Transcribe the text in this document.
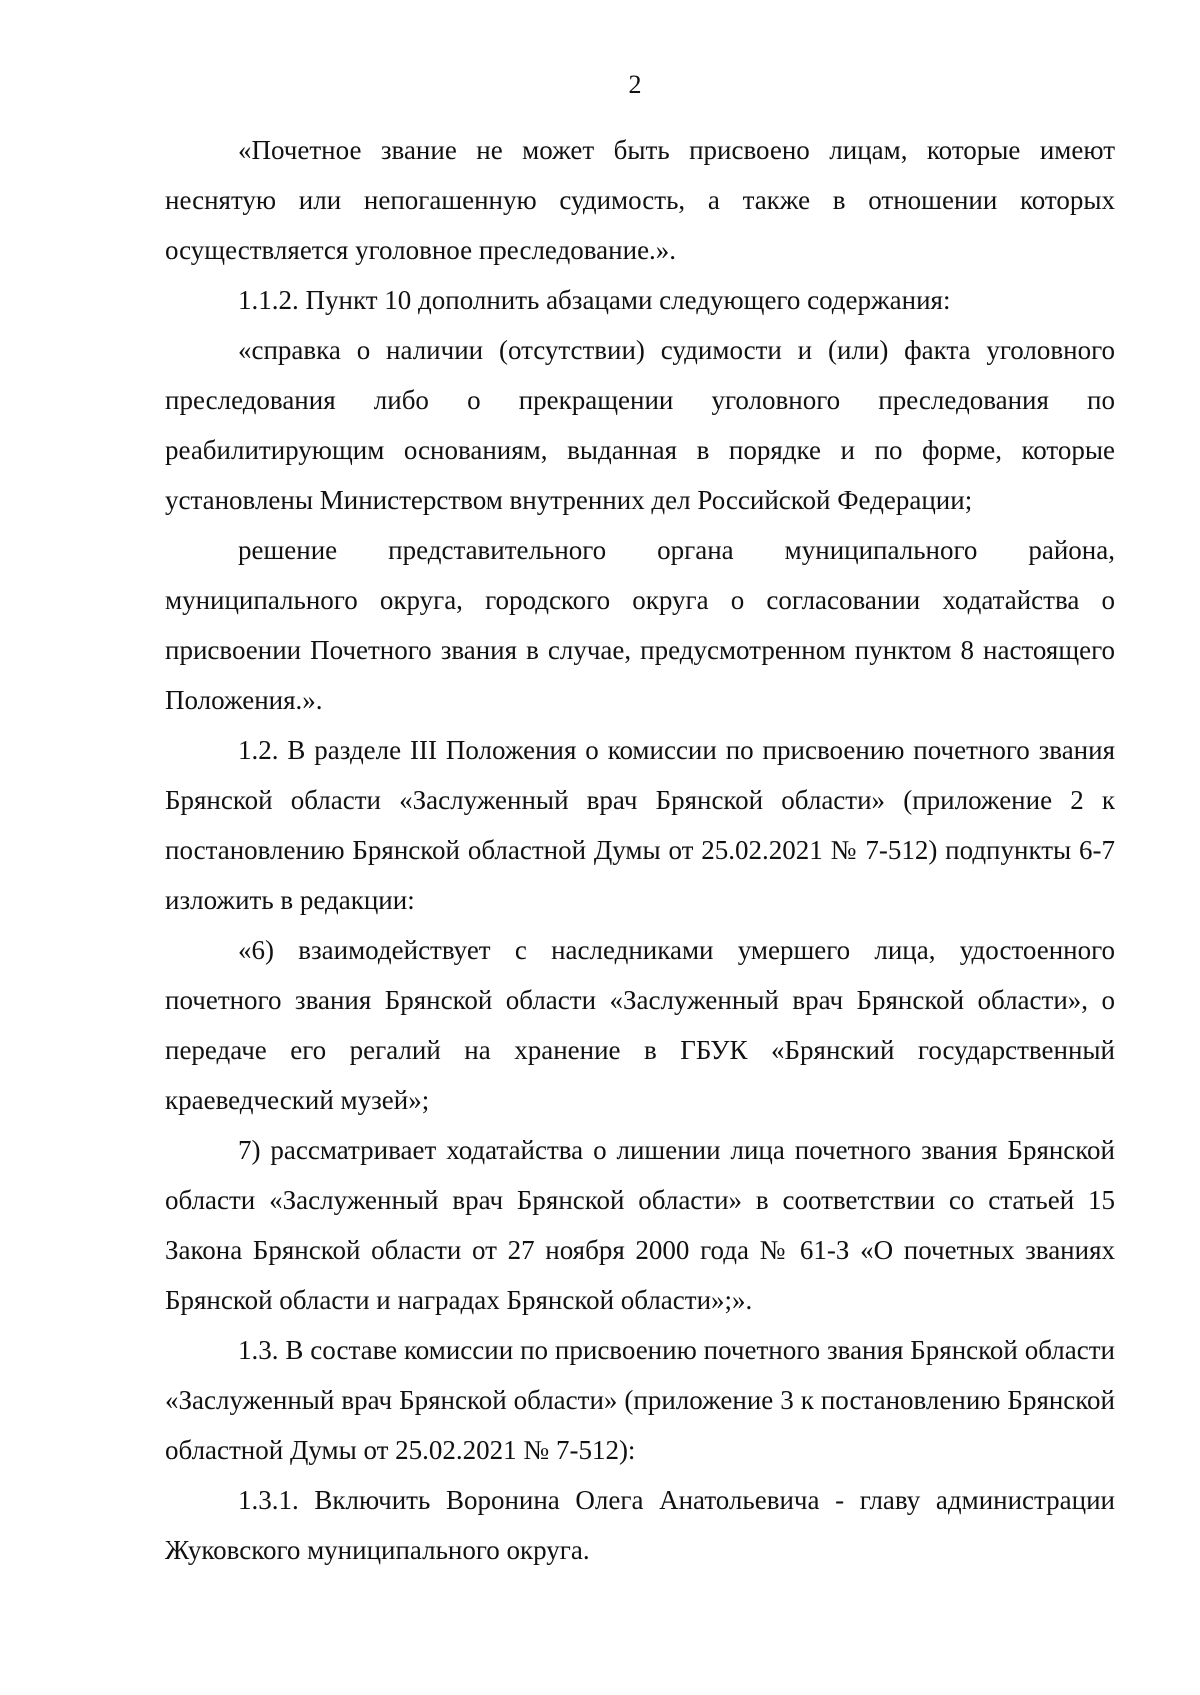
2

«Почетное звание не может быть присвоено лицам, которые имеют неснятую или непогашенную судимость, а также в отношении которых осуществляется уголовное преследование.».

1.1.2. Пункт 10 дополнить абзацами следующего содержания:

«справка о наличии (отсутствии) судимости и (или) факта уголовного преследования либо о прекращении уголовного преследования по реабилитирующим основаниям, выданная в порядке и по форме, которые установлены Министерством внутренних дел Российской Федерации;

решение представительного органа муниципального района, муниципального округа, городского округа о согласовании ходатайства о присвоении Почетного звания в случае, предусмотренном пунктом 8 настоящего Положения.».

1.2. В разделе III Положения о комиссии по присвоению почетного звания Брянской области «Заслуженный врач Брянской области» (приложение 2 к постановлению Брянской областной Думы от 25.02.2021 № 7-512) подпункты 6-7 изложить в редакции:

«6) взаимодействует с наследниками умершего лица, удостоенного почетного звания Брянской области «Заслуженный врач Брянской области», о передаче его регалий на хранение в ГБУК «Брянский государственный краеведческий музей»;

7) рассматривает ходатайства о лишении лица почетного звания Брянской области «Заслуженный врач Брянской области» в соответствии со статьей 15 Закона Брянской области от 27 ноября 2000 года № 61-З «О почетных званиях Брянской области и наградах Брянской области»;».

1.3. В составе комиссии по присвоению почетного звания Брянской области «Заслуженный врач Брянской области» (приложение 3 к постановлению Брянской областной Думы от 25.02.2021 № 7-512):

1.3.1. Включить Воронина Олега Анатольевича - главу администрации Жуковского муниципального округа.
